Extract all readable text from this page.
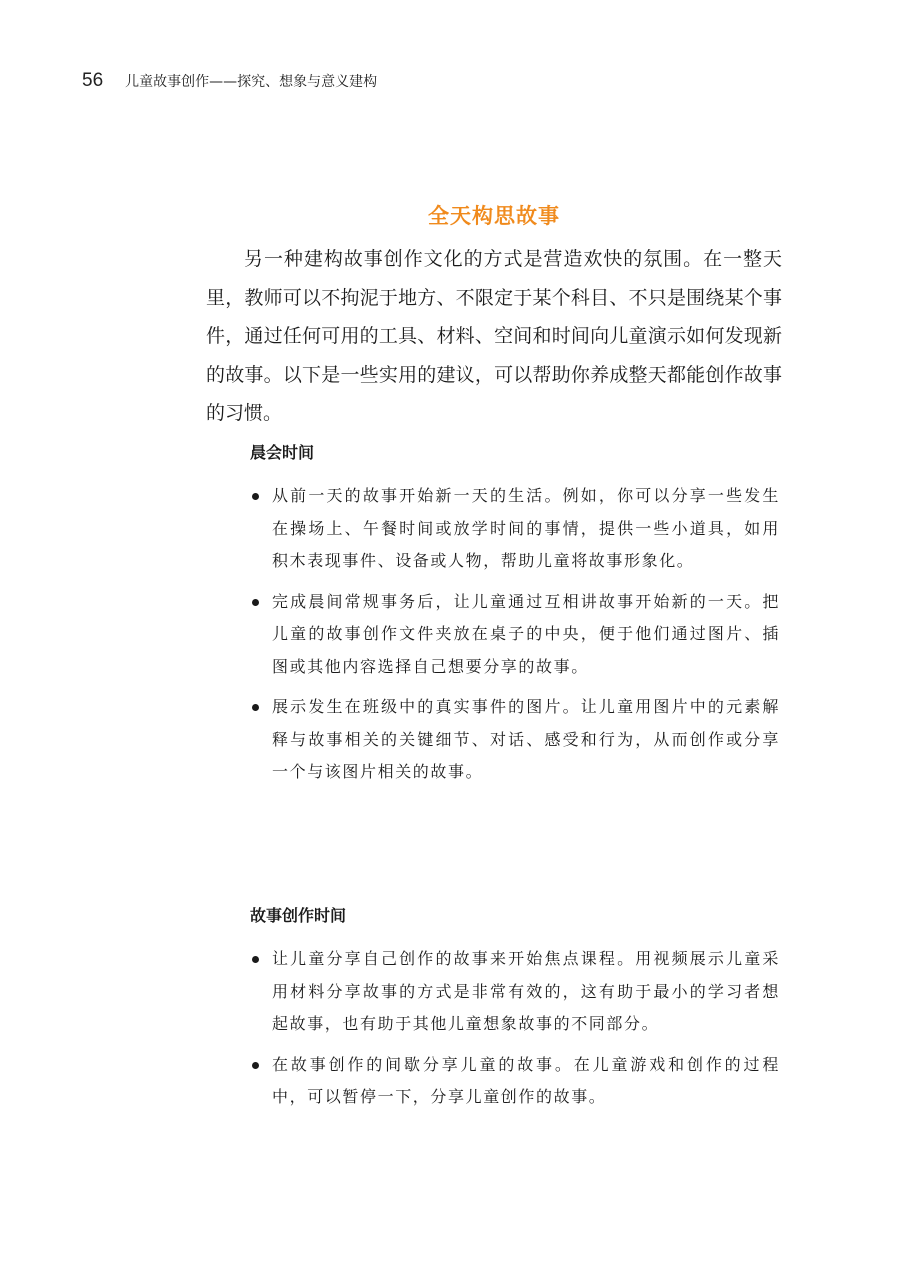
56 儿童故事创作——探究、想象与意义建构
全天构思故事

另一种建构故事创作文化的方式是营造欢快的氛围。在一整天里，教师可以不拘泥于地方、不限定于某个科目、不只是围绕某个事件，通过任何可用的工具、材料、空间和时间向儿童演示如何发现新的故事。以下是一些实用的建议，可以帮助你养成整天都能创作故事的习惯。

晨会时间
从前一天的故事开始新一天的生活。例如，你可以分享一些发生在操场上、午餐时间或放学时间的事情，提供一些小道具，如用积木表现事件、设备或人物，帮助儿童将故事形象化。
完成晨间常规事务后，让儿童通过互相讲故事开始新的一天。把儿童的故事创作文件夹放在桌子的中央，便于他们通过图片、插图或其他内容选择自己想要分享的故事。
展示发生在班级中的真实事件的图片。让儿童用图片中的元素解释与故事相关的关键细节、对话、感受和行为，从而创作或分享一个与该图片相关的故事。
故事创作时间
让儿童分享自己创作的故事来开始焦点课程。用视频展示儿童采用材料分享故事的方式是非常有效的，这有助于最小的学习者想起故事，也有助于其他儿童想象故事的不同部分。
在故事创作的间歇分享儿童的故事。在儿童游戏和创作的过程中，可以暂停一下，分享儿童创作的故事。
